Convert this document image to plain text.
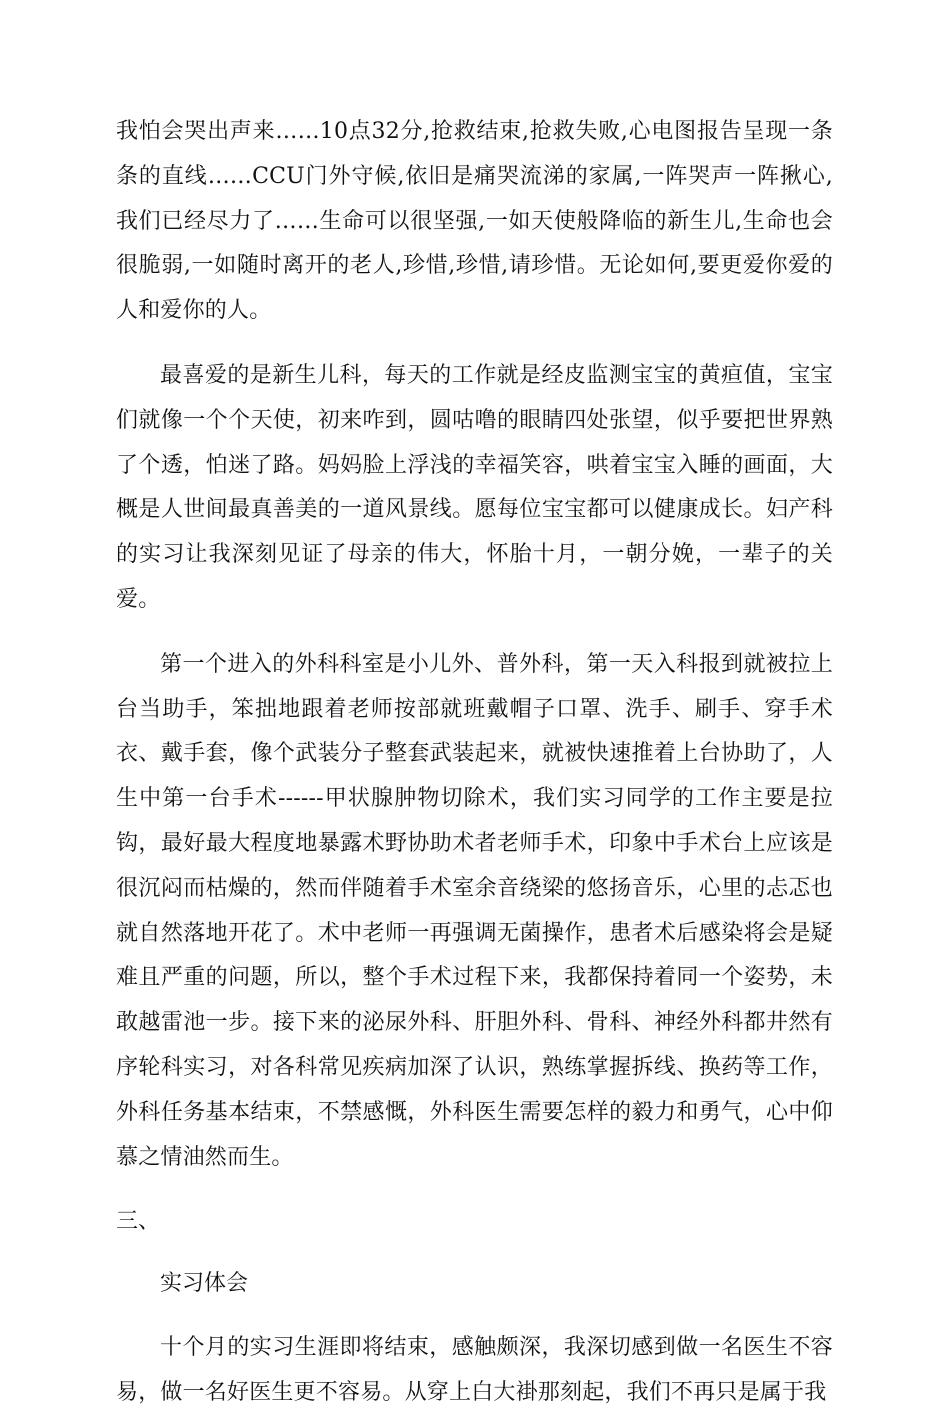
我怕会哭出声来……10点32分,抢救结束,抢救失败,心电图报告呈现一条条的直线……CCU门外守候,依旧是痛哭流涕的家属,一阵哭声一阵揪心,我们已经尽力了……生命可以很坚强,一如天使般降临的新生儿,生命也会很脆弱,一如随时离开的老人,珍惜,珍惜,请珍惜。无论如何,要更爱你爱的人和爱你的人。

最喜爱的是新生儿科，每天的工作就是经皮监测宝宝的黄疸值，宝宝们就像一个个天使，初来咋到，圆咕噜的眼睛四处张望，似乎要把世界熟了个透，怕迷了路。妈妈脸上浮浅的幸福笑容，哄着宝宝入睡的画面，大概是人世间最真善美的一道风景线。愿每位宝宝都可以健康成长。妇产科的实习让我深刻见证了母亲的伟大，怀胎十月，一朝分娩，一辈子的关爱。

第一个进入的外科科室是小儿外、普外科，第一天入科报到就被拉上台当助手，笨拙地跟着老师按部就班戴帽子口罩、洗手、刷手、穿手术衣、戴手套，像个武装分子整套武装起来，就被快速推着上台协助了，人生中第一台手术------甲状腺肿物切除术，我们实习同学的工作主要是拉钩，最好最大程度地暴露术野协助术者老师手术，印象中手术台上应该是很沉闷而枯燥的，然而伴随着手术室余音绕梁的悠扬音乐，心里的忐忑也就自然落地开花了。术中老师一再强调无菌操作，患者术后感染将会是疑难且严重的问题，所以，整个手术过程下来，我都保持着同一个姿势，未敢越雷池一步。接下来的泌尿外科、肝胆外科、骨科、神经外科都井然有序轮科实习，对各科常见疾病加深了认识，熟练掌握拆线、换药等工作，外科任务基本结束，不禁感慨，外科医生需要怎样的毅力和勇气，心中仰慕之情油然而生。

三、

实习体会

十个月的实习生涯即将结束，感触颇深，我深切感到做一名医生不容易，做一名好医生更不容易。从穿上白大褂那刻起，我们不再只是属于我
